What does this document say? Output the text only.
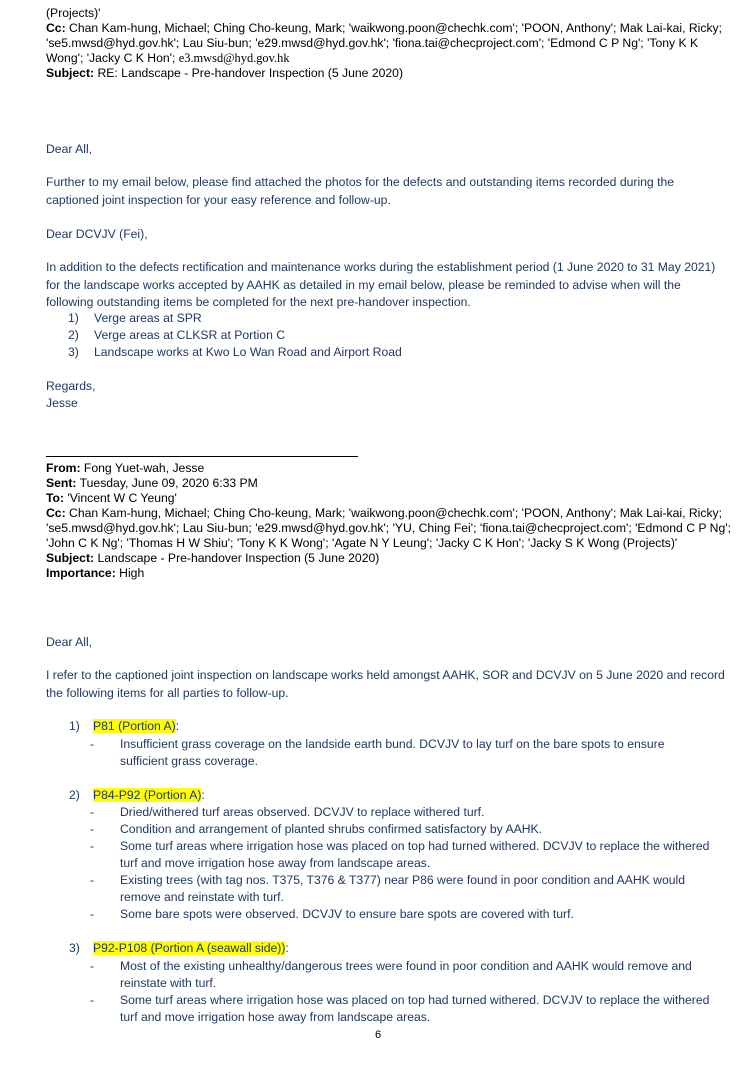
(Projects)'
Cc: Chan Kam-hung, Michael; Ching Cho-keung, Mark; 'waikwong.poon@chechk.com'; 'POON, Anthony'; Mak Lai-kai, Ricky; 'se5.mwsd@hyd.gov.hk'; Lau Siu-bun; 'e29.mwsd@hyd.gov.hk'; 'fiona.tai@checproject.com'; 'Edmond C P Ng'; 'Tony K K Wong'; 'Jacky C K Hon'; e3.mwsd@hyd.gov.hk
Subject: RE: Landscape - Pre-handover Inspection (5 June 2020)
Dear All,
Further to my email below, please find attached the photos for the defects and outstanding items recorded during the captioned joint inspection for your easy reference and follow-up.
Dear DCVJV (Fei),
In addition to the defects rectification and maintenance works during the establishment period (1 June 2020 to 31 May 2021) for the landscape works accepted by AAHK as detailed in my email below, please be reminded to advise when will the following outstanding items be completed for the next pre-handover inspection.
1) Verge areas at SPR
2) Verge areas at CLKSR at Portion C
3) Landscape works at Kwo Lo Wan Road and Airport Road
Regards,
Jesse
From: Fong Yuet-wah, Jesse
Sent: Tuesday, June 09, 2020 6:33 PM
To: 'Vincent W C Yeung'
Cc: Chan Kam-hung, Michael; Ching Cho-keung, Mark; 'waikwong.poon@chechk.com'; 'POON, Anthony'; Mak Lai-kai, Ricky; 'se5.mwsd@hyd.gov.hk'; Lau Siu-bun; 'e29.mwsd@hyd.gov.hk'; 'YU, Ching Fei'; 'fiona.tai@checproject.com'; 'Edmond C P Ng'; 'John C K Ng'; 'Thomas H W Shiu'; 'Tony K K Wong'; 'Agate N Y Leung'; 'Jacky C K Hon'; 'Jacky S K Wong (Projects)'
Subject: Landscape - Pre-handover Inspection (5 June 2020)
Importance: High
Dear All,
I refer to the captioned joint inspection on landscape works held amongst AAHK, SOR and DCVJV on 5 June 2020 and record the following items for all parties to follow-up.
1) P81 (Portion A):
- Insufficient grass coverage on the landside earth bund. DCVJV to lay turf on the bare spots to ensure sufficient grass coverage.
2) P84-P92 (Portion A):
- Dried/withered turf areas observed. DCVJV to replace withered turf.
- Condition and arrangement of planted shrubs confirmed satisfactory by AAHK.
- Some turf areas where irrigation hose was placed on top had turned withered. DCVJV to replace the withered turf and move irrigation hose away from landscape areas.
- Existing trees (with tag nos. T375, T376 & T377) near P86 were found in poor condition and AAHK would remove and reinstate with turf.
- Some bare spots were observed. DCVJV to ensure bare spots are covered with turf.
3) P92-P108 (Portion A (seawall side)):
- Most of the existing unhealthy/dangerous trees were found in poor condition and AAHK would remove and reinstate with turf.
- Some turf areas where irrigation hose was placed on top had turned withered. DCVJV to replace the withered turf and move irrigation hose away from landscape areas.
6
